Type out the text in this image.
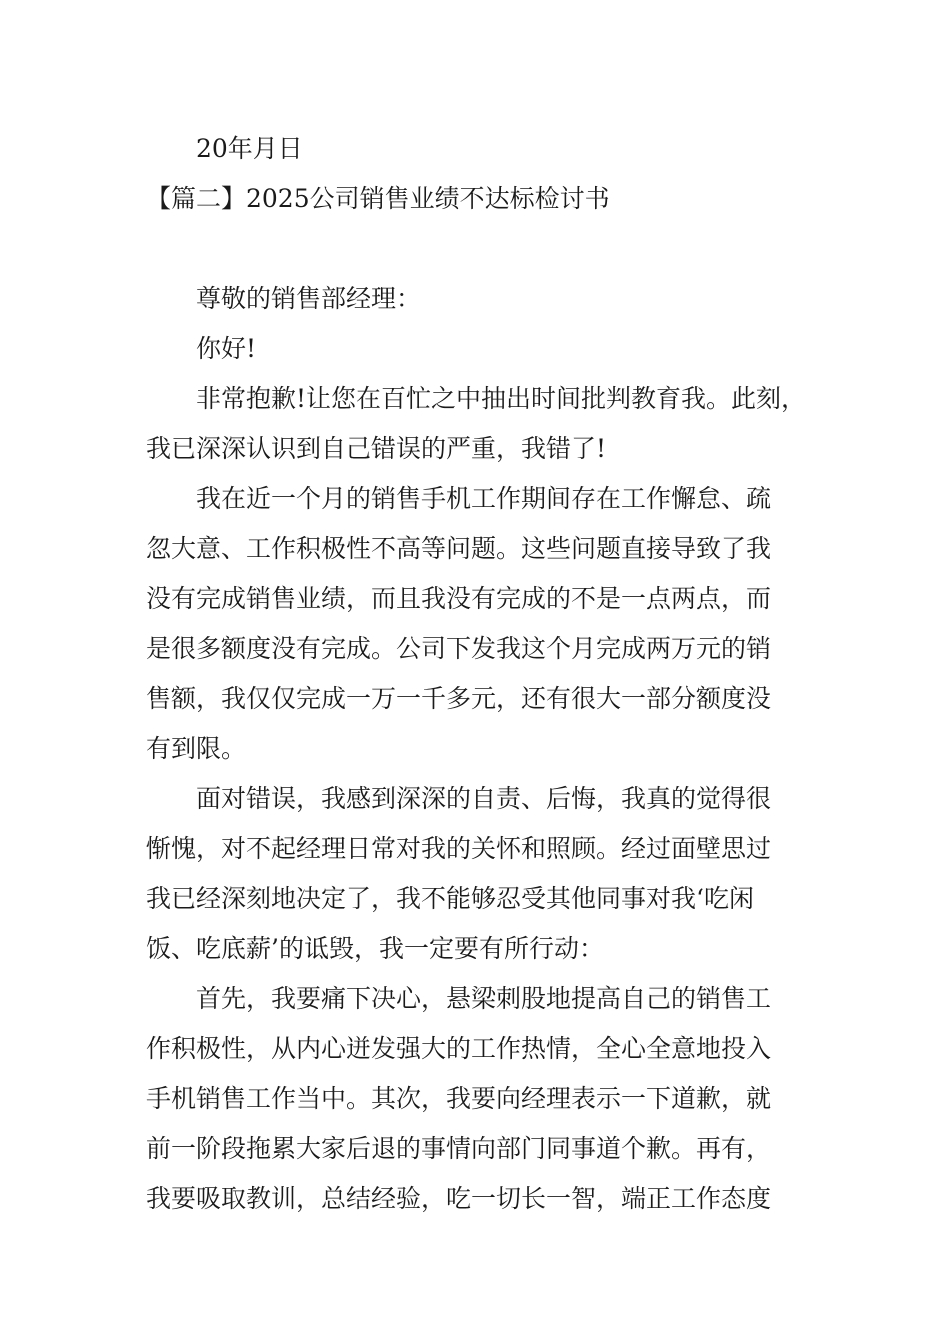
20年月日
【篇二】2025公司销售业绩不达标检讨书
尊敬的销售部经理：
你好!
非常抱歉!让您在百忙之中抽出时间批判教育我。此刻，
我已深深认识到自己错误的严重，我错了!
我在近一个月的销售手机工作期间存在工作懈怠、疏
忽大意、工作积极性不高等问题。这些问题直接导致了我
没有完成销售业绩，而且我没有完成的不是一点两点，而
是很多额度没有完成。公司下发我这个月完成两万元的销
售额，我仅仅完成一万一千多元，还有很大一部分额度没
有到限。
面对错误，我感到深深的自责、后悔，我真的觉得很
惭愧，对不起经理日常对我的关怀和照顾。经过面壁思过
我已经深刻地决定了，我不能够忍受其他同事对我‘吃闲
饭、吃底薪’的诋毁，我一定要有所行动：
首先，我要痛下决心，悬梁刺股地提高自己的销售工
作积极性，从内心迸发强大的工作热情，全心全意地投入
手机销售工作当中。其次，我要向经理表示一下道歉，就
前一阶段拖累大家后退的事情向部门同事道个歉。再有，
我要吸取教训，总结经验，吃一切长一智，端正工作态度
